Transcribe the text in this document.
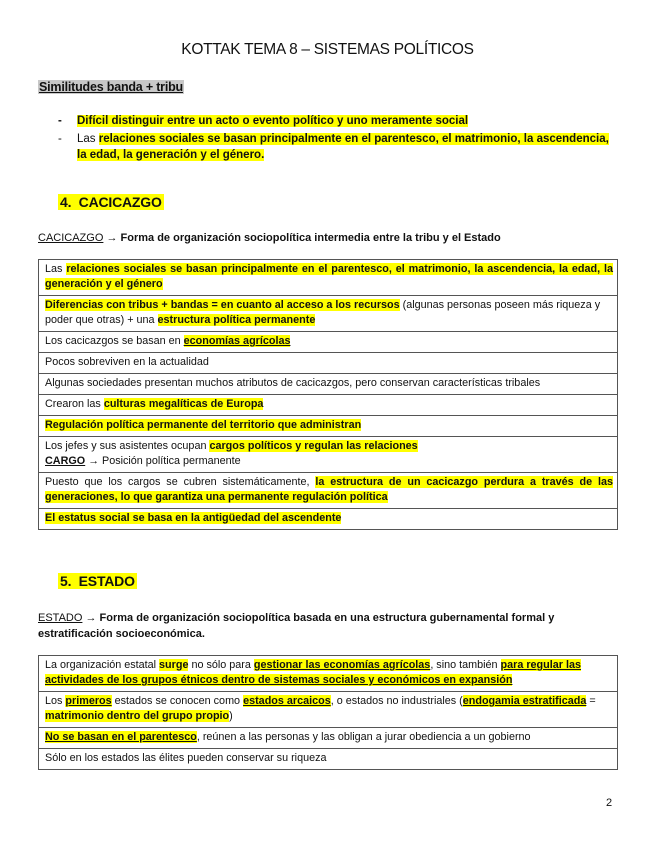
KOTTAK TEMA 8 – SISTEMAS POLÍTICOS
Similitudes banda + tribu
- Difícil distinguir entre un acto o evento político y uno meramente social
- Las relaciones sociales se basan principalmente en el parentesco, el matrimonio, la ascendencia, la edad, la generación y el género.
4. CACICAZGO
CACICAZGO → Forma de organización sociopolítica intermedia entre la tribu y el Estado
Las relaciones sociales se basan principalmente en el parentesco, el matrimonio, la ascendencia, la edad, la generación y el género
Diferencias con tribus + bandas = en cuanto al acceso a los recursos (algunas personas poseen más riqueza y poder que otras) + una estructura política permanente
Los cacicazgos se basan en economías agrícolas
Pocos sobreviven en la actualidad
Algunas sociedades presentan muchos atributos de cacicazgos, pero conservan características tribales
Crearon las culturas megalíticas de Europa
Regulación política permanente del territorio que administran
Los jefes y sus asistentes ocupan cargos políticos y regulan las relaciones
CARGO → Posición política permanente
Puesto que los cargos se cubren sistemáticamente, la estructura de un cacicazgo perdura a través de las generaciones, lo que garantiza una permanente regulación política
El estatus social se basa en la antigüedad del ascendente
5. ESTADO
ESTADO → Forma de organización sociopolítica basada en una estructura gubernamental formal y estratificación socioeconómica.
La organización estatal surge no sólo para gestionar las economías agrícolas, sino también para regular las actividades de los grupos étnicos dentro de sistemas sociales y económicos en expansión
Los primeros estados se conocen como estados arcaicos, o estados no industriales (endogamia estratificada = matrimonio dentro del grupo propio)
No se basan en el parentesco, reúnen a las personas y las obligan a jurar obediencia a un gobierno
Sólo en los estados las élites pueden conservar su riqueza
2
